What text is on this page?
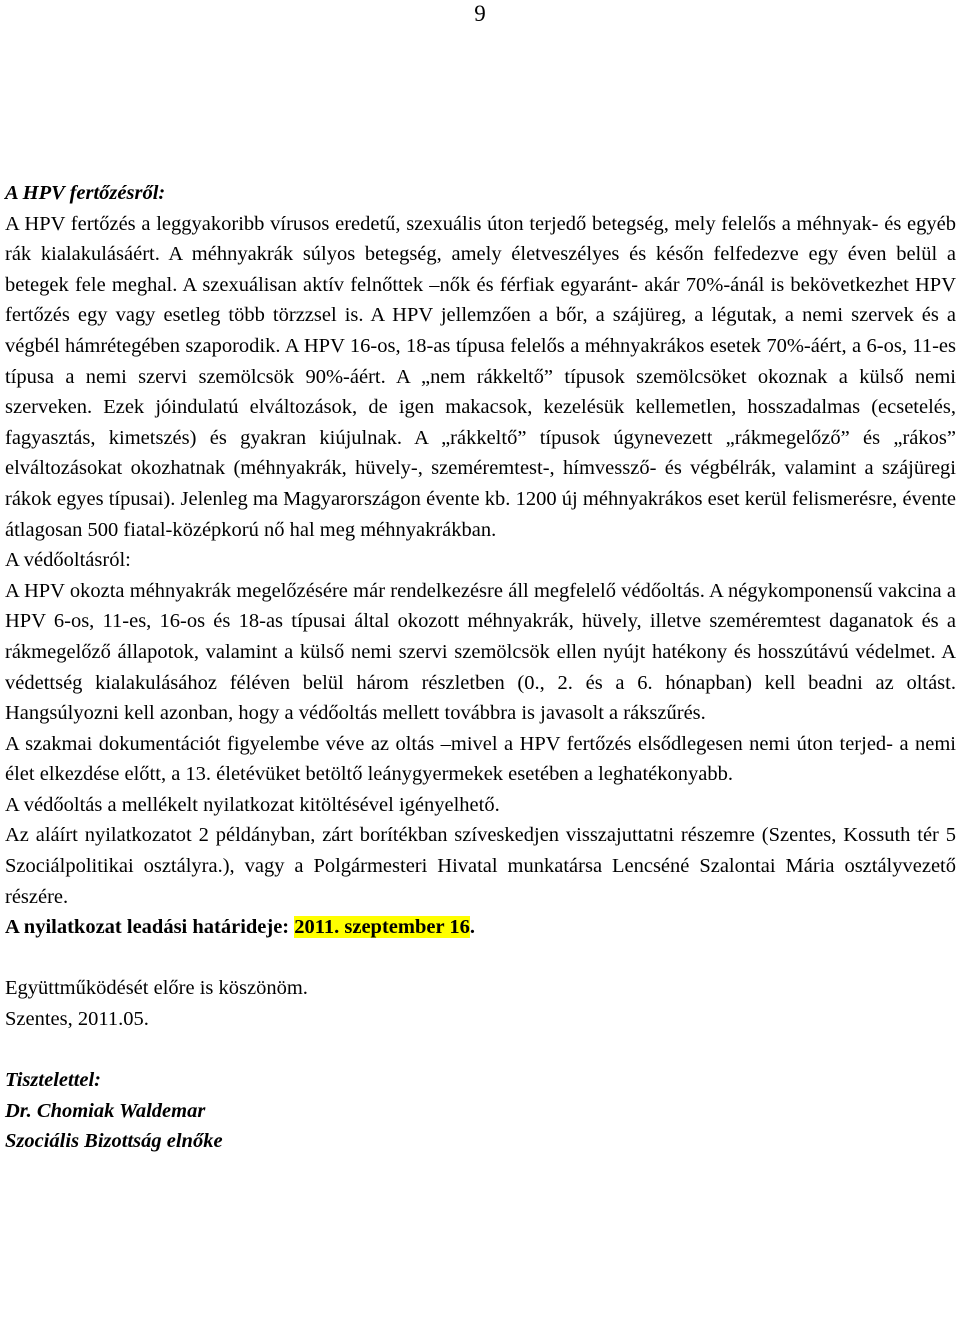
9

A HPV fertőzésről:

A HPV fertőzés a leggyakoribb vírusos eredetű, szexuális úton terjedő betegség, mely felelős a méhnyak- és egyéb rák kialakulásáért. A méhnyakrák súlyos betegség, amely életveszélyes és későn felfedezve egy éven belül a betegek fele meghal. A szexuálisan aktív felnőttek –nők és férfiak egyaránt- akár 70%-ánál is bekövetkezhet HPV fertőzés egy vagy esetleg több törzzsel is. A HPV jellemzően a bőr, a szájüreg, a légutak, a nemi szervek és a végbél hámrétegében szaporodik. A HPV 16-os, 18-as típusa felelős a méhnyakrákos esetek 70%-áért, a 6-os, 11-es típusa a nemi szervi szemölcsök 90%-áért. A „nem rákkeltő” típusok szemölcsöket okoznak a külső nemi szerveken. Ezek jóindulatú elváltozások, de igen makacsok, kezelésük kellemetlen, hosszadalmas (ecsetelés, fagyasztás, kimetszés) és gyakran kiújulnak. A „rákkeltő” típusok úgynevezett „rákmegelőző” és „rákos” elváltozásokat okozhatnak (méhnyakrák, hüvely-, szeméremtest-, hímvessző- és végbélrák, valamint a szájüregi rákok egyes típusai). Jelenleg ma Magyarországon évente kb. 1200 új méhnyakrákos eset kerül felismerésre, évente átlagosan 500 fiatal-középkorú nő hal meg méhnyakrákban.

A védőoltásról:

A HPV okozta méhnyakrák megelőzésére már rendelkezésre áll megfelelő védőoltás. A négykomponensű vakcina a HPV 6-os, 11-es, 16-os és 18-as típusai által okozott méhnyakrák, hüvely, illetve szeméremtest daganatok és a rákmegelőző állapotok, valamint a külső nemi szervi szemölcsök ellen nyújt hatékony és hosszútávú védelmet. A védettség kialakulásához féléven belül három részletben (0., 2. és a 6. hónapban) kell beadni az oltást. Hangsúlyozni kell azonban, hogy a védőoltás mellett továbbra is javasolt a rákszűrés.

A szakmai dokumentációt figyelembe véve az oltás –mivel a HPV fertőzés elsődlegesen nemi úton terjed- a nemi élet elkezdése előtt, a 13. életévüket betöltő leánygyermekek esetében a leghatékonyabb.

A védőoltás a mellékelt nyilatkozat kitöltésével igényelhető.

Az aláírt nyilatkozatot 2 példányban, zárt borítékban szíveskedjen visszajuttatni részemre (Szentes, Kossuth tér 5 Szociálpolitikai osztályra.), vagy a Polgármesteri Hivatal munkatársa Lencséné Szalontai Mária osztályvezető részére.

A nyilatkozat leadási határideje: 2011. szeptember 16.

Együttműködését előre is köszönöm.

Szentes, 2011.05.

Tisztelettel:

Dr. Chomiak Waldemar

Szociális Bizottság elnőke
